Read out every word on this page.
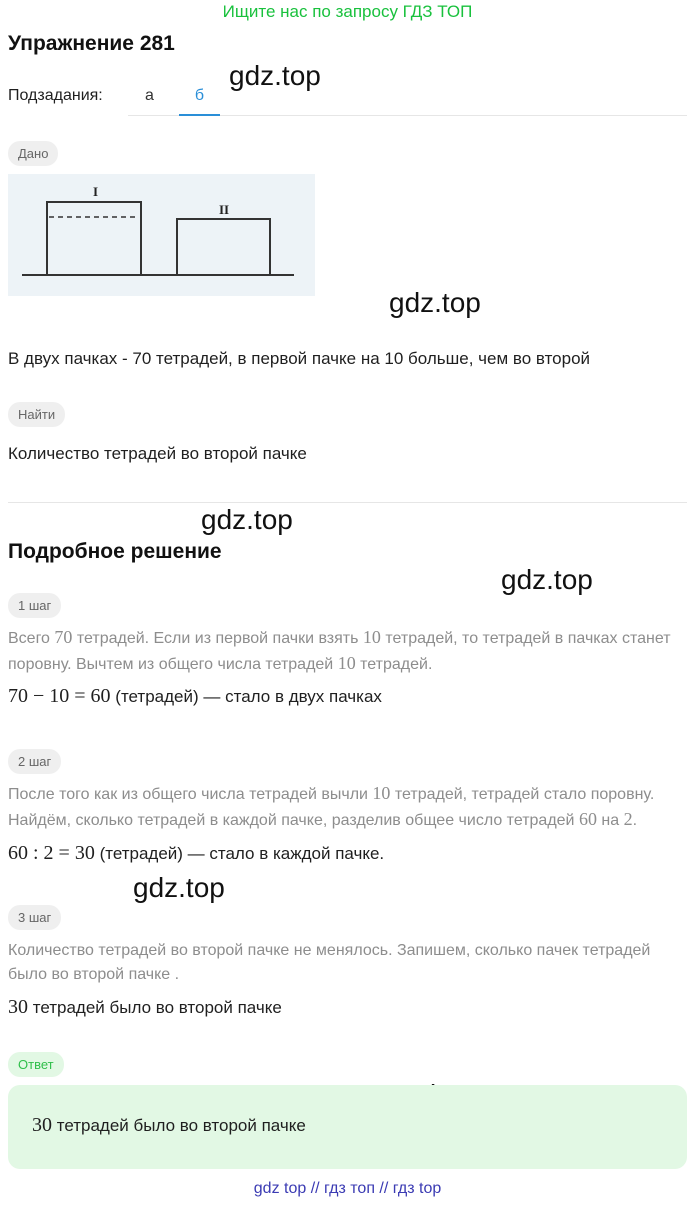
Ищите нас по запросу ГДЗ ТОП
Упражнение 281
Подзадания:	а	б
gdz.top
gdz.top
gdz.top
gdz.top
gdz.top
Дано
I
II
В двух пачках - 70 тетрадей, в первой пачке на 10 больше, чем во второй
Найти
Количество тетрадей во второй пачке
Подробное решение
1 шаг
Всего 70 тетрадей. Если из первой пачки взять 10 тетрадей, то тетрадей в пачках станет
поровну. Вычтем из общего числа тетрадей 10 тетрадей.
70 − 10 = 60 (тетрадей) — стало в двух пачках
2 шаг
После того как из общего числа тетрадей вычли 10 тетрадей, тетрадей стало поровну.
Найдём, сколько тетрадей в каждой пачке, разделив общее число тетрадей 60 на 2.
60 : 2 = 30 (тетрадей) — стало в каждой пачке.
3 шаг
Количество тетрадей во второй пачке не менялось. Запишем, сколько пачек тетрадей
было во второй пачке .
30 тетрадей было во второй пачке
Ответ
30 тетрадей было во второй пачке
gdz top // гдз топ // гдз top
